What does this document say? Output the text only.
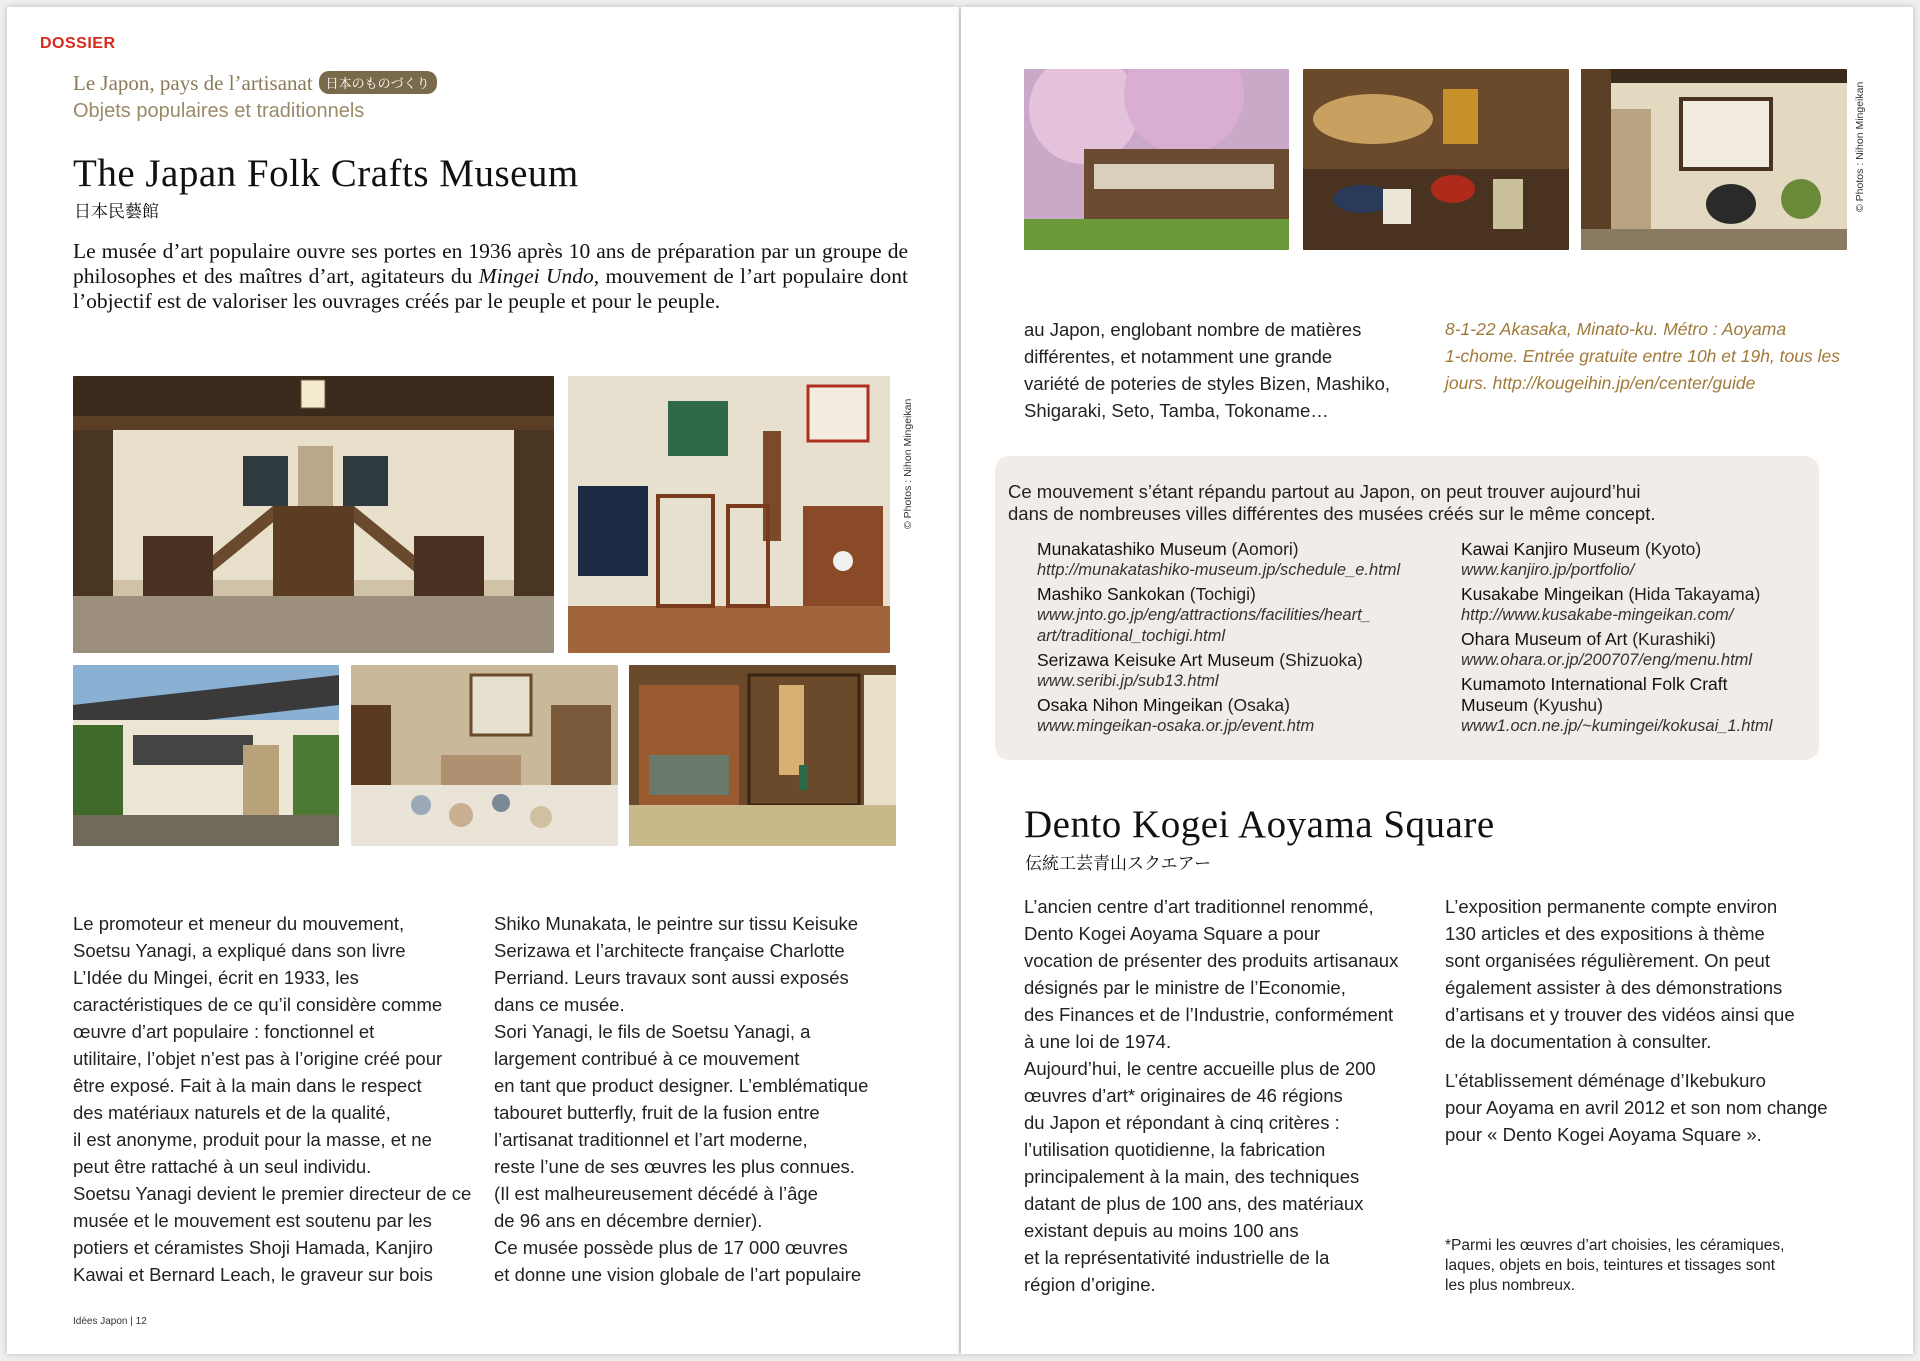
DOSSIER
Le Japon, pays de l’artisanat 日本のものづくり
Objets populaires et traditionnels
The Japan Folk Crafts Museum
日本民藝館
Le musée d’art populaire ouvre ses portes en 1936 après 10 ans de préparation par un groupe de philosophes et des maîtres d’art, agitateurs du Mingei Undo, mouvement de l’art populaire dont l’objectif est de valoriser les ouvrages créés par le peuple et pour le peuple.
© Photos : Nihon Mingeikan

Le promoteur et meneur du mouvement,

Soetsu Yanagi, a expliqué dans son livre

L’Idée du Mingei, écrit en 1933, les

caractéristiques de ce qu’il considère comme

œuvre d’art populaire : fonctionnel et

utilitaire, l’objet n’est pas à l’origine créé pour

être exposé. Fait à la main dans le respect

des matériaux naturels et de la qualité,

il est anonyme, produit pour la masse, et ne

peut être rattaché à un seul individu.

Soetsu Yanagi devient le premier directeur de ce

musée et le mouvement est soutenu par les

potiers et céramistes Shoji Hamada, Kanjiro

Kawai et Bernard Leach, le graveur sur bois

Shiko Munakata, le peintre sur tissu Keisuke

Serizawa et l’architecte française Charlotte

Perriand. Leurs travaux sont aussi exposés

dans ce musée.

Sori Yanagi, le fils de Soetsu Yanagi, a

largement contribué à ce mouvement

en tant que product designer. L’emblématique

tabouret butterfly, fruit de la fusion entre

l’artisanat traditionnel et l’art moderne,

reste l’une de ses œuvres les plus connues.

(Il est malheureusement décédé à l’âge

de 96 ans en décembre dernier).

Ce musée possède plus de 17 000 œuvres

et donne une vision globale de l’art populaire

Idées Japon | 12
© Photos : Nihon Mingeikan

au Japon, englobant nombre de matières

différentes, et notamment une grande

variété de poteries de styles Bizen, Mashiko,

Shigaraki, Seto, Tamba, Tokoname…

8-1-22 Akasaka, Minato-ku. Métro : Aoyama
1-chome. Entrée gratuite entre 10h et 19h, tous les
jours. http://kougeihin.jp/en/center/guide
Ce mouvement s’étant répandu partout au Japon, on peut trouver aujourd’hui
dans de nombreuses villes différentes des musées créés sur le même concept.
Munakatashiko Museum (Aomori)
http://munakatashiko-museum.jp/schedule_e.html
Mashiko Sankokan (Tochigi)
www.jnto.go.jp/eng/attractions/facilities/heart_
art/traditional_tochigi.html
Serizawa Keisuke Art Museum (Shizuoka)
www.seribi.jp/sub13.html
Osaka Nihon Mingeikan (Osaka)
www.mingeikan-osaka.or.jp/event.htm
Kawai Kanjiro Museum (Kyoto)
www.kanjiro.jp/portfolio/
Kusakabe Mingeikan (Hida Takayama)
http://www.kusakabe-mingeikan.com/
Ohara Museum of Art (Kurashiki)
www.ohara.or.jp/200707/eng/menu.html
Kumamoto International Folk Craft
Museum (Kyushu)
www1.ocn.ne.jp/~kumingei/kokusai_1.html
Dento Kogei Aoyama Square
伝統工芸青山スクエアー

L’ancien centre d’art traditionnel renommé,

Dento Kogei Aoyama Square a pour

vocation de présenter des produits artisanaux

désignés par le ministre de l’Economie,

des Finances et de l’Industrie, conformément

à une loi de 1974.

Aujourd’hui, le centre accueille plus de 200

œuvres d’art* originaires de 46 régions

du Japon et répondant à cinq critères :

l’utilisation quotidienne, la fabrication

principalement à la main, des techniques

datant de plus de 100 ans, des matériaux

existant depuis au moins 100 ans

et la représentativité industrielle de la

région d’origine.

L’exposition permanente compte environ

130 articles et des expositions à thème

sont organisées régulièrement. On peut

également assister à des démonstrations

d’artisans et y trouver des vidéos ainsi que

de la documentation à consulter.

L’établissement déménage d’Ikebukuro

pour Aoyama en avril 2012 et son nom change

pour « Dento Kogei Aoyama Square ».

*Parmi les œuvres d’art choisies, les céramiques,
laques, objets en bois, teintures et tissages sont
les plus nombreux.
